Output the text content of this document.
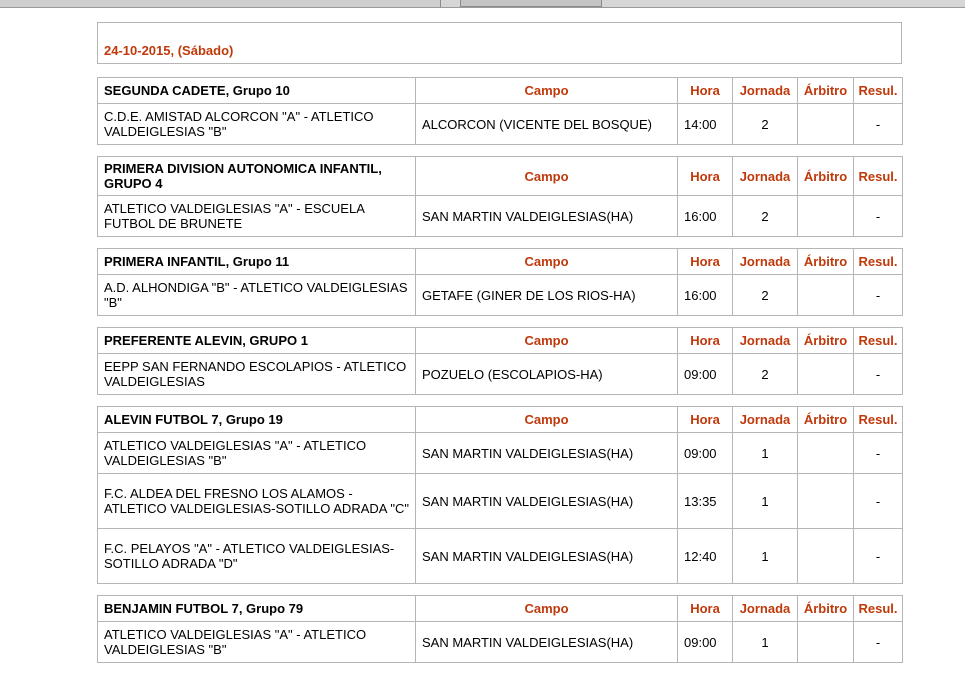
24-10-2015, (Sábado)
SEGUNDA CADETE, Grupo 10	Campo	Hora	Jornada	Árbitro	Resul.
C.D.E. AMISTAD ALCORCON "A" - ATLETICO VALDEIGLESIAS "B"	ALCORCON (VICENTE DEL BOSQUE)	14:00	2		-
PRIMERA DIVISION AUTONOMICA INFANTIL, GRUPO 4	Campo	Hora	Jornada	Árbitro	Resul.
ATLETICO VALDEIGLESIAS "A" - ESCUELA FUTBOL DE BRUNETE	SAN MARTIN VALDEIGLESIAS(HA)	16:00	2		-
PRIMERA INFANTIL, Grupo 11	Campo	Hora	Jornada	Árbitro	Resul.
A.D. ALHONDIGA "B" - ATLETICO VALDEIGLESIAS "B"	GETAFE (GINER DE LOS RIOS-HA)	16:00	2		-
PREFERENTE ALEVIN, GRUPO 1	Campo	Hora	Jornada	Árbitro	Resul.
EEPP SAN FERNANDO ESCOLAPIOS - ATLETICO VALDEIGLESIAS	POZUELO (ESCOLAPIOS-HA)	09:00	2		-
ALEVIN FUTBOL 7, Grupo 19	Campo	Hora	Jornada	Árbitro	Resul.
ATLETICO VALDEIGLESIAS "A" - ATLETICO VALDEIGLESIAS "B"	SAN MARTIN VALDEIGLESIAS(HA)	09:00	1		-
F.C. ALDEA DEL FRESNO LOS ALAMOS - ATLETICO VALDEIGLESIAS-SOTILLO ADRADA "C"	SAN MARTIN VALDEIGLESIAS(HA)	13:35	1		-
F.C. PELAYOS "A" - ATLETICO VALDEIGLESIAS-SOTILLO ADRADA "D"	SAN MARTIN VALDEIGLESIAS(HA)	12:40	1		-
BENJAMIN FUTBOL 7, Grupo 79	Campo	Hora	Jornada	Árbitro	Resul.
ATLETICO VALDEIGLESIAS "A" - ATLETICO VALDEIGLESIAS "B"	SAN MARTIN VALDEIGLESIAS(HA)	09:00	1		-
